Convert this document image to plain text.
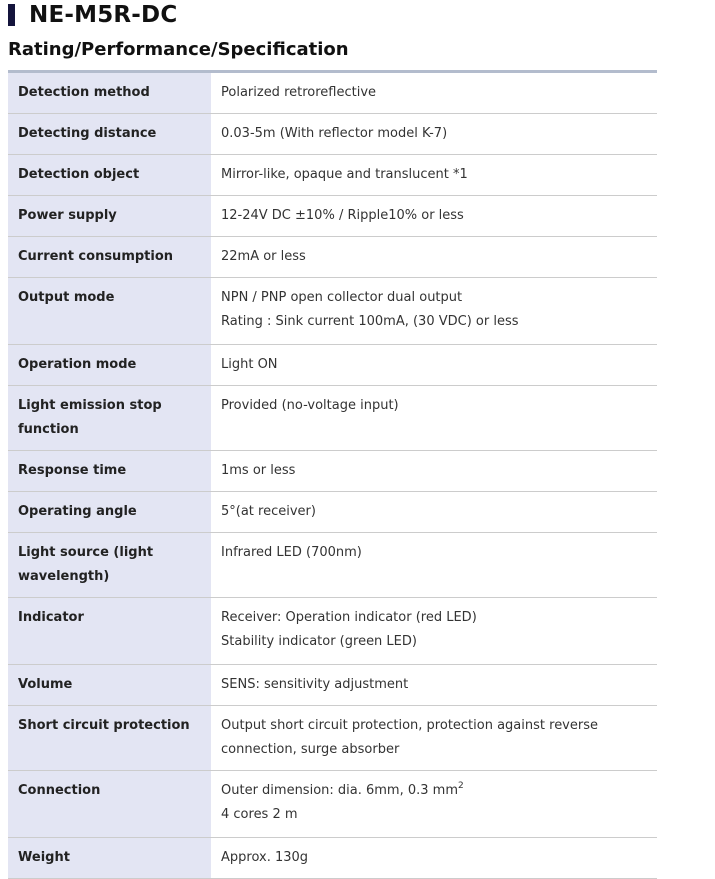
NE-M5R-DC
Rating/Performance/Specification
Detection method	Polarized retroreflective

Detecting distance	0.03-5m (With reflector model K-7)

Detection object	Mirror-like, opaque and translucent *1

Power supply	12-24V DC ±10% / Ripple10% or less

Current consumption	22mA or less

Output mode	NPN / PNP open collector dual output
Rating : Sink current 100mA, (30 VDC) or less

Operation mode	Light ON

Light emission stop function	Provided (no-voltage input)

Response time	1ms or less

Operating angle	5°(at receiver)

Light source (light wavelength)	Infrared LED (700nm)

Indicator	Receiver: Operation indicator (red LED)
Stability indicator (green LED)

Volume	SENS: sensitivity adjustment

Short circuit protection	Output short circuit protection, protection against reverse connection, surge absorber

Connection	Outer dimension: dia. 6mm, 0.3 $mm^2$
4 cores 2 m

Weight	Approx. 130g
